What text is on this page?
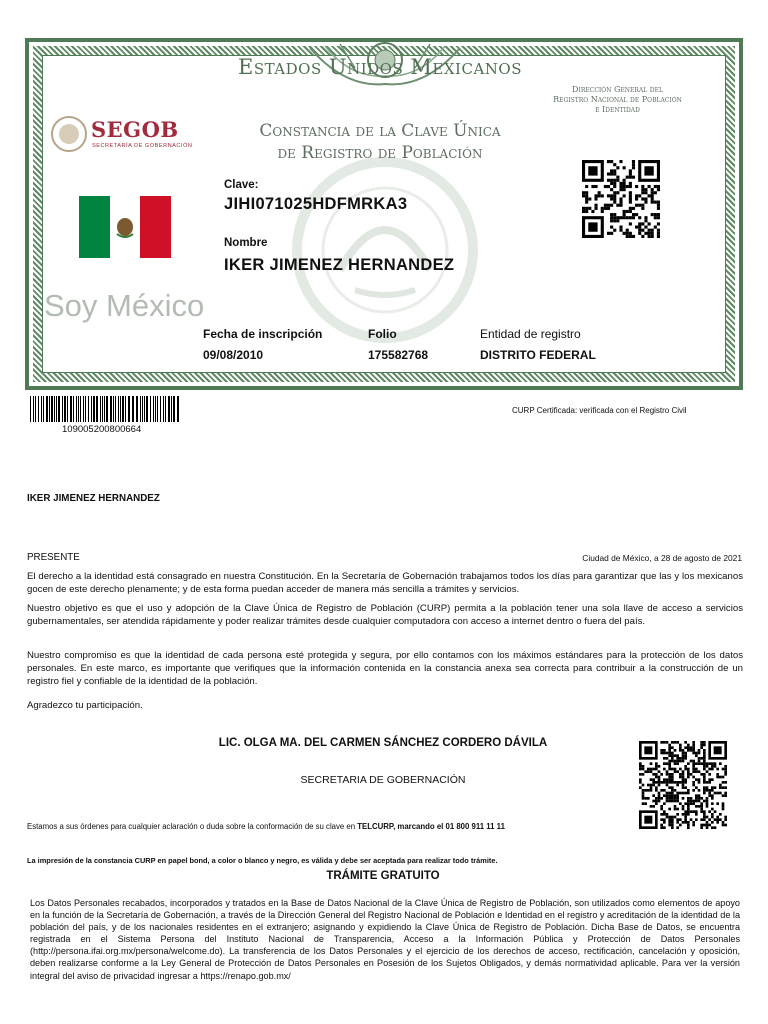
Estados Unidos Mexicanos
Constancia de la Clave Única
de Registro de Población
Dirección General del
Registro Nacional de Población
e Identidad
SEGOB
SECRETARÍA DE GOBERNACIÓN
Soy México
Clave:
JIHI071025HDFMRKA3
Nombre
IKER JIMENEZ HERNANDEZ
Fecha de inscripción
09/08/2010
Folio
175582768
Entidad de registro
DISTRITO FEDERAL
109005200800664
CURP Certificada: verificada con el Registro Civil
IKER JIMENEZ HERNANDEZ
PRESENTE	Ciudad de México, a 28 de agosto de 2021
El derecho a la identidad está consagrado en nuestra Constitución. En la Secretaría de Gobernación trabajamos todos los días para garantizar que las y los mexicanos gocen de este derecho plenamente; y de esta forma puedan acceder de manera más sencilla a trámites y servicios.
Nuestro objetivo es que el uso y adopción de la Clave Única de Registro de Población (CURP) permita a la población tener una sola llave de acceso a servicios gubernamentales, ser atendida rápidamente y poder realizar trámites desde cualquier computadora con acceso a internet dentro o fuera del país.
Nuestro compromiso es que la identidad de cada persona esté protegida y segura, por ello contamos con los máximos estándares para la protección de los datos personales. En este marco, es importante que verifiques que la información contenida en la constancia anexa sea correcta para contribuir a la construcción de un registro fiel y confiable de la identidad de la población.
Agradezco tu participación.
LIC. OLGA MA. DEL CARMEN SÁNCHEZ CORDERO DÁVILA
SECRETARIA DE GOBERNACIÓN
Estamos a sus órdenes para cualquier aclaración o duda sobre la conformación de su clave en TELCURP, marcando el 01 800 911 11 11
La impresión de la constancia CURP en papel bond, a color o blanco y negro, es válida y debe ser aceptada para realizar todo trámite.
TRÁMITE GRATUITO
Los Datos Personales recabados, incorporados y tratados en la Base de Datos Nacional de la Clave Única de Registro de Población, son utilizados como elementos de apoyo en la función de la Secretaría de Gobernación, a través de la Dirección General del Registro Nacional de Población e Identidad en el registro y acreditación de la identidad de la población del país, y de los nacionales residentes en el extranjero; asignando y expidiendo la Clave Única de Registro de Población. Dicha Base de Datos, se encuentra registrada en el Sistema Persona del Instituto Nacional de Transparencia, Acceso a la Información Pública y Protección de Datos Personales (http://persona.ifai.org.mx/persona/welcome.do). La transferencia de los Datos Personales y el ejercicio de los derechos de acceso, rectificación, cancelación y oposición, deben realizarse conforme a la Ley General de Protección de Datos Personales en Posesión de los Sujetos Obligados, y demás normatividad aplicable. Para ver la versión integral del aviso de privacidad ingresar a https://renapo.gob.mx/
